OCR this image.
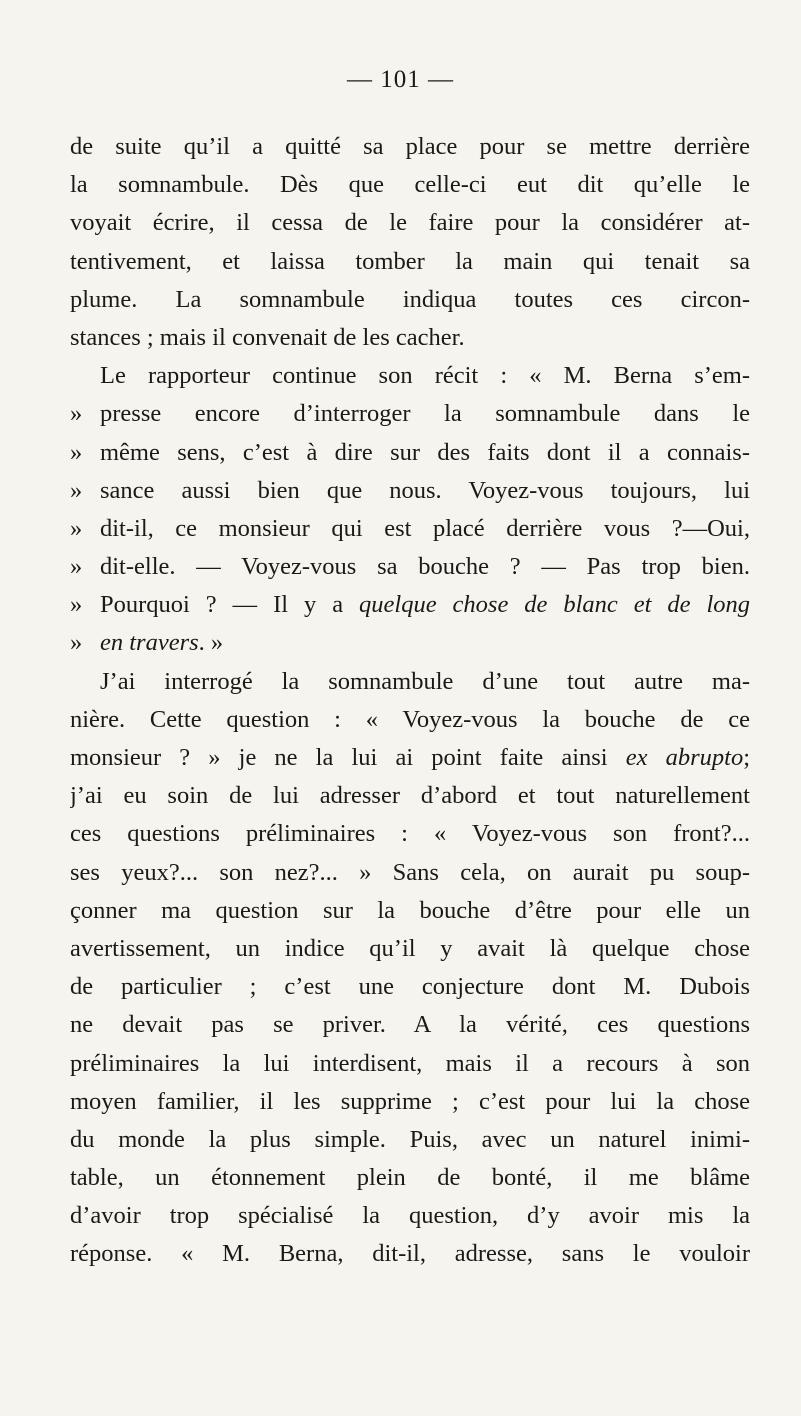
— 101 —
de suite qu’il a quitté sa place pour se mettre derrière
la somnambule. Dès que celle-ci eut dit qu’elle le
voyait écrire, il cessa de le faire pour la considérer at-
tentivement, et laissa tomber la main qui tenait sa
plume. La somnambule indiqua toutes ces circon-
stances ; mais il convenait de les cacher.
Le rapporteur continue son récit : « M. Berna s’em-
» presse encore d’interroger la somnambule dans le
» même sens, c’est à dire sur des faits dont il a connais-
» sance aussi bien que nous. Voyez-vous toujours, lui
» dit-il, ce monsieur qui est placé derrière vous ?—Oui,
» dit-elle. — Voyez-vous sa bouche ? — Pas trop bien.
» Pourquoi ? — Il y a quelque chose de blanc et de long
» en travers. »
J’ai interrogé la somnambule d’une tout autre ma-
nière. Cette question : « Voyez-vous la bouche de ce
monsieur ? » je ne la lui ai point faite ainsi ex abrupto;
j’ai eu soin de lui adresser d’abord et tout naturellement
ces questions préliminaires : « Voyez-vous son front?...
ses yeux?... son nez?... » Sans cela, on aurait pu soup-
çonner ma question sur la bouche d’être pour elle un
avertissement, un indice qu’il y avait là quelque chose
de particulier ; c’est une conjecture dont M. Dubois
ne devait pas se priver. A la vérité, ces questions
préliminaires la lui interdisent, mais il a recours à son
moyen familier, il les supprime ; c’est pour lui la chose
du monde la plus simple. Puis, avec un naturel inimi-
table, un étonnement plein de bonté, il me blâme
d’avoir trop spécialisé la question, d’y avoir mis la
réponse. « M. Berna, dit-il, adresse, sans le vouloir
